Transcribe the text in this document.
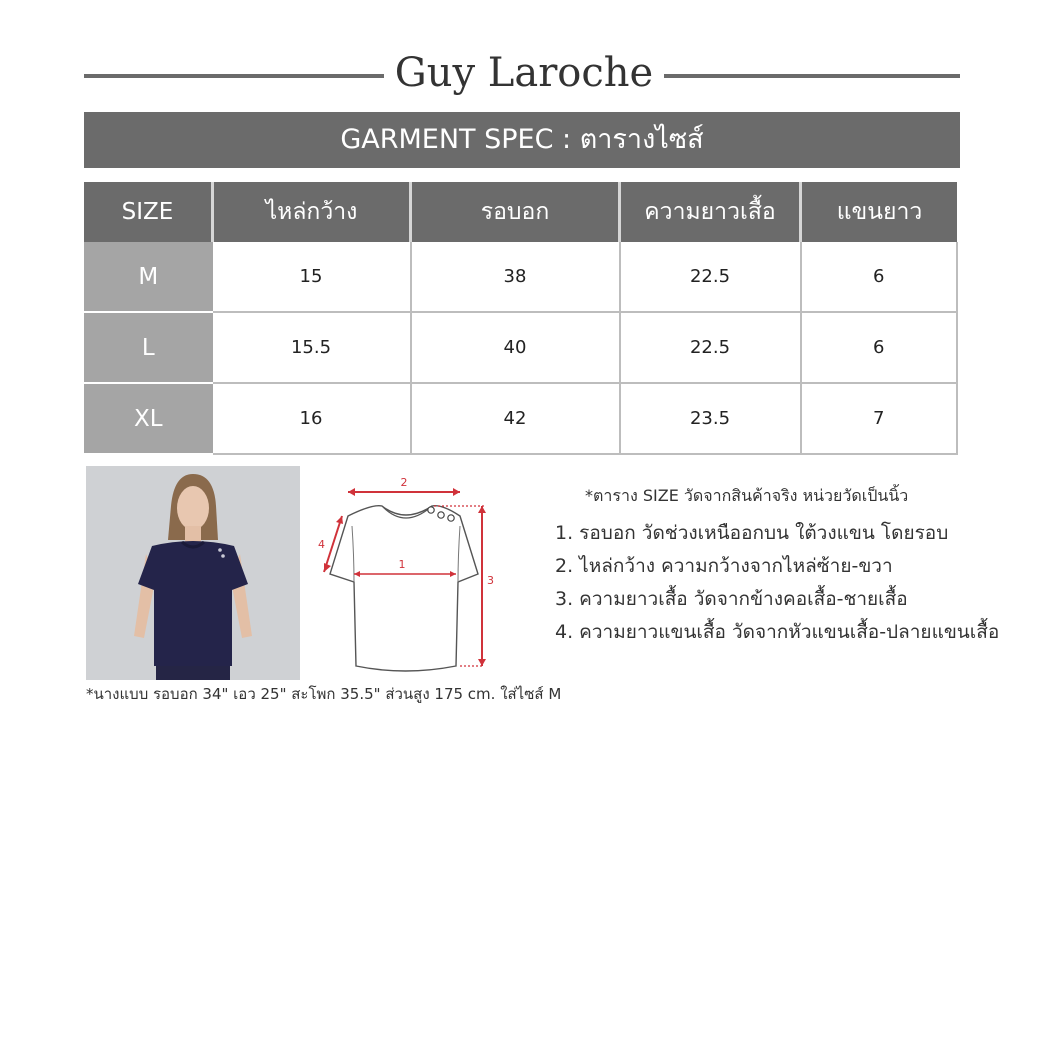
Guy Laroche
GARMENT SPEC : ตารางไซส์
SIZE	ไหล่กว้าง	รอบอก	ความยาวเสื้อ	แขนยาว
M	15	38	22.5	6
L	15.5	40	22.5	6
XL	16	42	23.5	7
2
1
3
4
*ตาราง SIZE วัดจากสินค้าจริง หน่วยวัดเป็นนิ้ว
1. รอบอก วัดช่วงเหนืออกบน ใต้วงแขน โดยรอบ
2. ไหล่กว้าง ความกว้างจากไหล่ซ้าย-ขวา
3. ความยาวเสื้อ วัดจากข้างคอเสื้อ-ชายเสื้อ
4. ความยาวแขนเสื้อ วัดจากหัวแขนเสื้อ-ปลายแขนเสื้อ
*นางแบบ รอบอก 34" เอว 25" สะโพก 35.5" ส่วนสูง 175 cm. ใส่ไซส์ M
